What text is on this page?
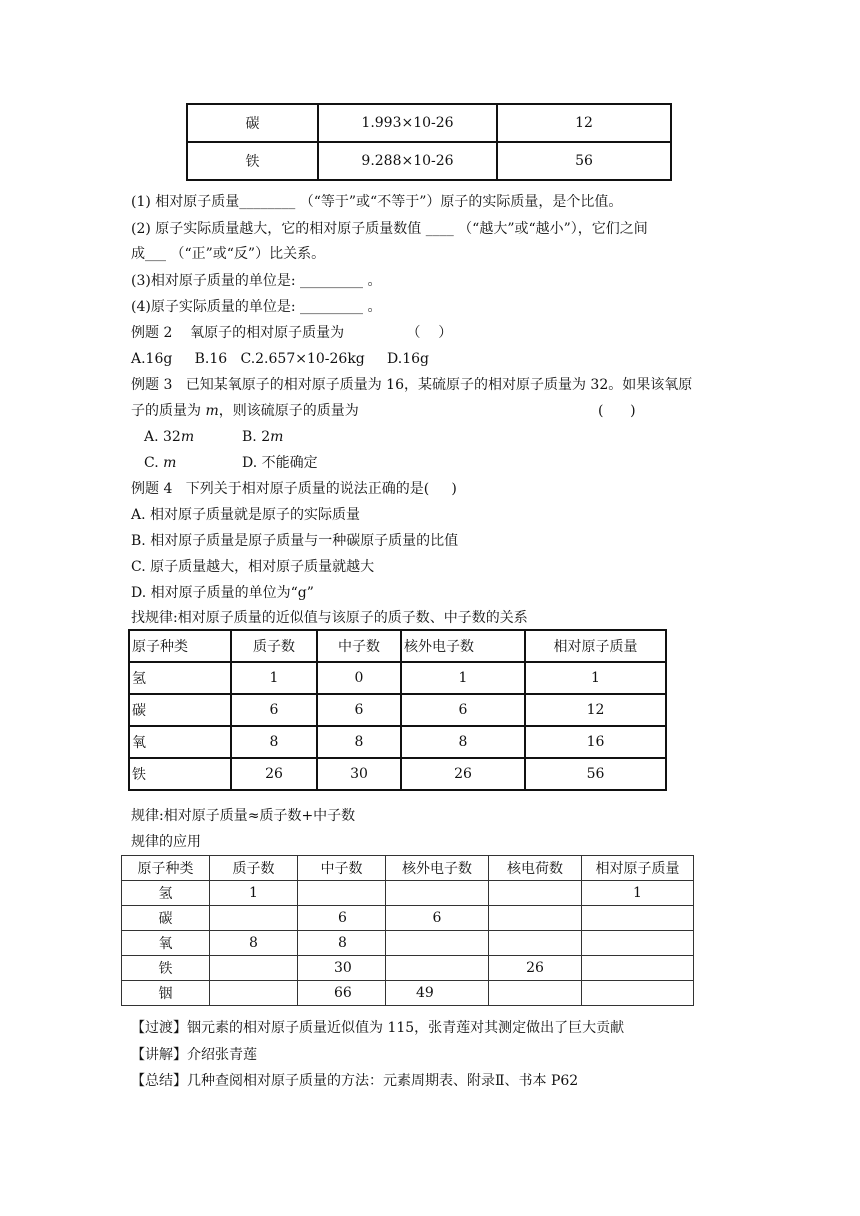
碳	1.993×10-26	12
铁	9.288×10-26	56
(1) 相对原子质量________ （“等于”或“不等于”）原子的实际质量，是个比值。
(2) 原子实际质量越大，它的相对原子质量数值 ____ （“越大”或“越小”），它们之间
成___ （“正”或“反”）比关系。
(3)相对原子质量的单位是: _________ 。
(4)原子实际质量的单位是: _________ 。
例题 2    氧原子的相对原子质量为              （    ）
A.16g     B.16   C.2.657×10-26kg     D.16g
例题 3   已知某氧原子的相对原子质量为 16，某硫原子的相对原子质量为 32。如果该氧原
子的质量为 m，则该硫原子的质量为	(      )
A. 32m	B. 2m
C. m	D. 不能确定
例题 4   下列关于相对原子质量的说法正确的是(     )
A. 相对原子质量就是原子的实际质量
B. 相对原子质量是原子质量与一种碳原子质量的比值
C. 原子质量越大，相对原子质量就越大
D. 相对原子质量的单位为“g”
找规律:相对原子质量的近似值与该原子的质子数、中子数的关系
原子种类	质子数	中子数	核外电子数	相对原子质量
氢	1	0	1	1
碳	6	6	6	12
氧	8	8	8	16
铁	26	30	26	56
规律:相对原子质量≈质子数+中子数
规律的应用
原子种类	质子数	中子数	核外电子数	核电荷数	相对原子质量
氢	1				1
碳		6	6		
氧	8	8			
铁		30		26	
铟		66	49		
【过渡】铟元素的相对原子质量近似值为 115，张青莲对其测定做出了巨大贡献
【讲解】介绍张青莲
【总结】几种查阅相对原子质量的方法：元素周期表、附录Ⅱ、书本 P62
